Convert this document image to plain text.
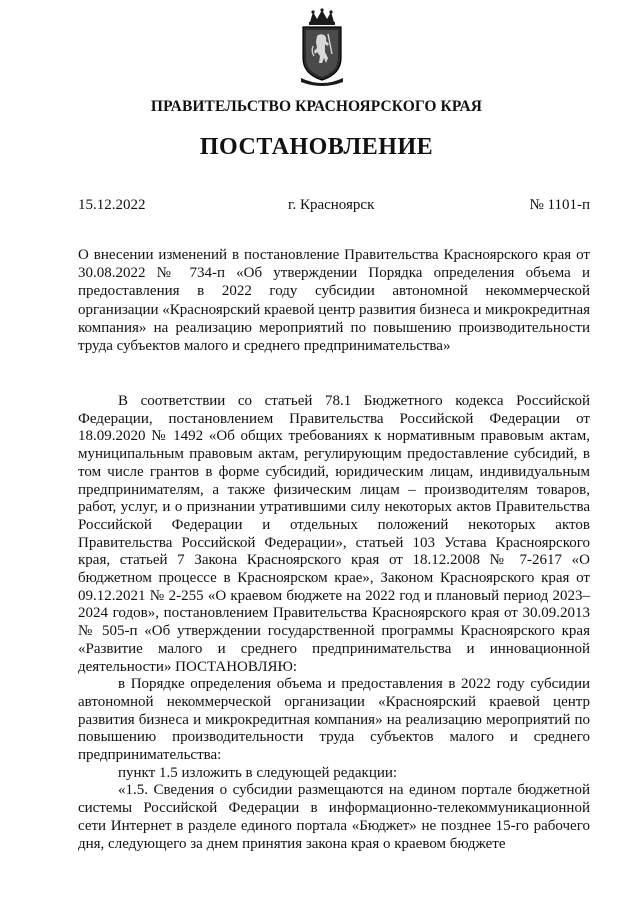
ПРАВИТЕЛЬСТВО КРАСНОЯРСКОГО КРАЯ
ПОСТАНОВЛЕНИЕ
15.12.2022	г. Красноярск	№ 1101-п
О внесении изменений в постановление Правительства Красноярского края от 30.08.2022 № 734-п «Об утверждении Порядка определения объема и предоставления в 2022 году субсидии автономной некоммерческой организации «Красноярский краевой центр развития бизнеса и микрокредитная компания» на реализацию мероприятий по повышению производительности труда субъектов малого и среднего предпринимательства»

В соответствии со статьей 78.1 Бюджетного кодекса Российской Федерации, постановлением Правительства Российской Федерации от 18.09.2020 № 1492 «Об общих требованиях к нормативным правовым актам, муниципальным правовым актам, регулирующим предоставление субсидий, в том числе грантов в форме субсидий, юридическим лицам, индивидуальным предпринимателям, а также физическим лицам – производителям товаров, работ, услуг, и о признании утратившими силу некоторых актов Правительства Российской Федерации и отдельных положений некоторых актов Правительства Российской Федерации», статьей 103 Устава Красноярского края, статьей 7 Закона Красноярского края от 18.12.2008 № 7-2617 «О бюджетном процессе в Красноярском крае», Законом Красноярского края от 09.12.2021 № 2-255 «О краевом бюджете на 2022 год и плановый период 2023–2024 годов», постановлением Правительства Красноярского края от 30.09.2013 № 505-п «Об утверждении государственной программы Красноярского края «Развитие малого и среднего предпринимательства и инновационной деятельности» ПОСТАНОВЛЯЮ:

в Порядке определения объема и предоставления в 2022 году субсидии автономной некоммерческой организации «Красноярский краевой центр развития бизнеса и микрокредитная компания» на реализацию мероприятий по повышению производительности труда субъектов малого и среднего предпринимательства:

пункт 1.5 изложить в следующей редакции:

«1.5. Сведения о субсидии размещаются на едином портале бюджетной системы Российской Федерации в информационно-телекоммуникационной сети Интернет в разделе единого портала «Бюджет» не позднее 15-го рабочего дня, следующего за днем принятия закона края о краевом бюджете
